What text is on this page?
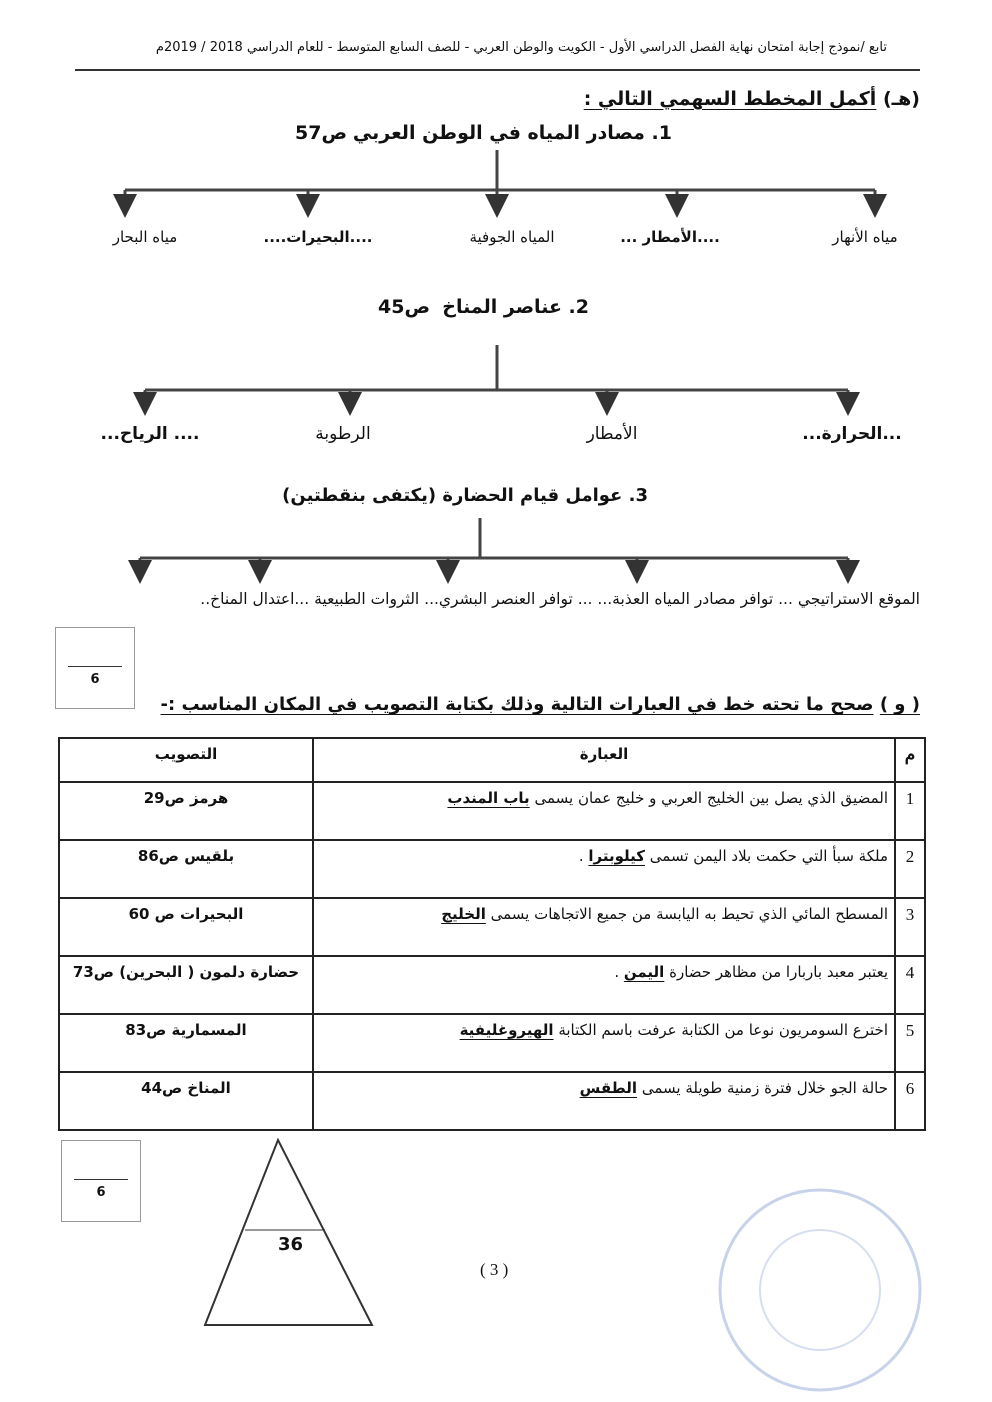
تابع /نموذج إجابة امتحان نهاية الفصل الدراسي الأول - الكويت والوطن العربي - للصف السابع المتوسط - للعام الدراسي 2018 / 2019م
(هـ) أكمل المخطط السهمي التالي :
1. مصادر المياه في الوطن العربي
ص57
مياه الأنهار
....الأمطار ...
المياه الجوفية
....البحيرات....
مياه البحار
2. عناصر المناخ
ص45
...الحرارة...
الأمطار
الرطوبة
.... الرياح...
3. عوامل قيام الحضارة (يكتفى بنقطتين)
الموقع الاستراتيجي ... توافر مصادر المياه العذبة... ... توافر العنصر البشري... الثروات الطبيعية ...اعتدال المناخ..
6
( و ) صحح ما تحته خط في العبارات التالية وذلك بكتابة التصويب في المكان المناسب :-
م	العبارة	التصويب
1	المضيق الذي يصل بين الخليج العربي و خليج عمان يسمى باب المندب	هرمز ص29
2	ملكة سبأ التي حكمت بلاد اليمن تسمى كيلوبترا .	بلقيس ص86
3	المسطح المائي الذي تحيط به اليابسة من جميع الاتجاهات يسمى الخليج	البحيرات ص 60
4	يعتبر معبد باربارا من مظاهر حضارة اليمن .	حضارة دلمون ( البحرين) ص73
5	اخترع السومريون نوعا من الكتابة عرفت باسم الكتابة الهيروغليفية	المسمارية ص83
6	حالة الجو خلال فترة زمنية طويلة يسمى الطقس	المناخ ص44
6
36
( 3 )
